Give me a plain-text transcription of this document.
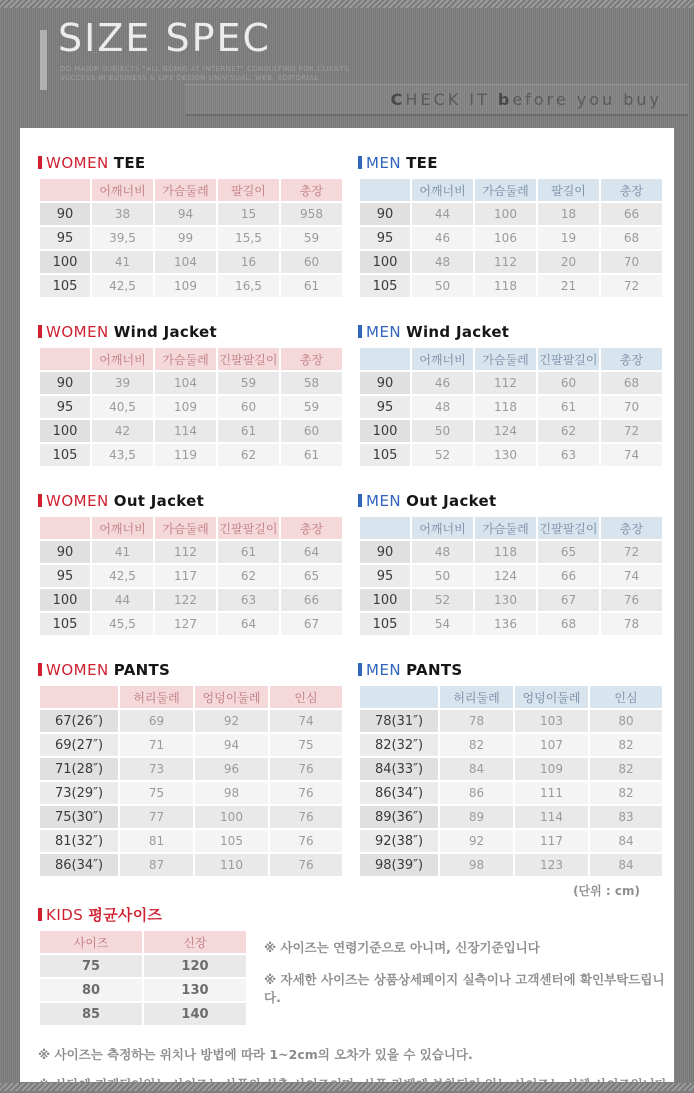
SIZE SPEC
DO MAJOR SUBJECTS "ALL GOING AT INTERNET" CONSULTING FOR CLIENTS
SUCCESS IN BUSINESS & LIFE DESIGN UNIVISUAL, WEB, EDITORIAL
CHECK IT before you buy
WOMEN TEE
	어깨너비	가슴둘레	팔길이	총장
90	38	94	15	958
95	39,5	99	15,5	59
100	41	104	16	60
105	42,5	109	16,5	61
MEN TEE
	어깨너비	가슴둘레	팔길이	총장
90	44	100	18	66
95	46	106	19	68
100	48	112	20	70
105	50	118	21	72
WOMEN Wind Jacket
	어깨너비	가슴둘레	긴팔팔길이	총장
90	39	104	59	58
95	40,5	109	60	59
100	42	114	61	60
105	43,5	119	62	61
MEN Wind Jacket
	어깨너비	가슴둘레	긴팔팔길이	총장
90	46	112	60	68
95	48	118	61	70
100	50	124	62	72
105	52	130	63	74
WOMEN Out Jacket
	어깨너비	가슴둘레	긴팔팔길이	총장
90	41	112	61	64
95	42,5	117	62	65
100	44	122	63	66
105	45,5	127	64	67
MEN Out Jacket
	어깨너비	가슴둘레	긴팔팔길이	총장
90	48	118	65	72
95	50	124	66	74
100	52	130	67	76
105	54	136	68	78
WOMEN PANTS
	허리둘레	엉덩이둘레	인심
67(26″)	69	92	74
69(27″)	71	94	75
71(28″)	73	96	76
73(29″)	75	98	76
75(30″)	77	100	76
81(32″)	81	105	76
86(34″)	87	110	76
MEN PANTS
	허리둘레	엉덩이둘레	인심
78(31″)	78	103	80
82(32″)	82	107	82
84(33″)	84	109	82
86(34″)	86	111	82
89(36″)	89	114	83
92(38″)	92	117	84
98(39″)	98	123	84
(단위 : cm)
KIDS 평균사이즈
사이즈	신장
75	120
80	130
85	140
※ 사이즈는 연령기준으로 아니며, 신장기준입니다
※ 자세한 사이즈는 상품상세페이지 실측이나 고객센터에 확인부탁드립니다.
※ 사이즈는 측정하는 위치나 방법에 따라 1~2cm의 오차가 있을 수 있습니다.
